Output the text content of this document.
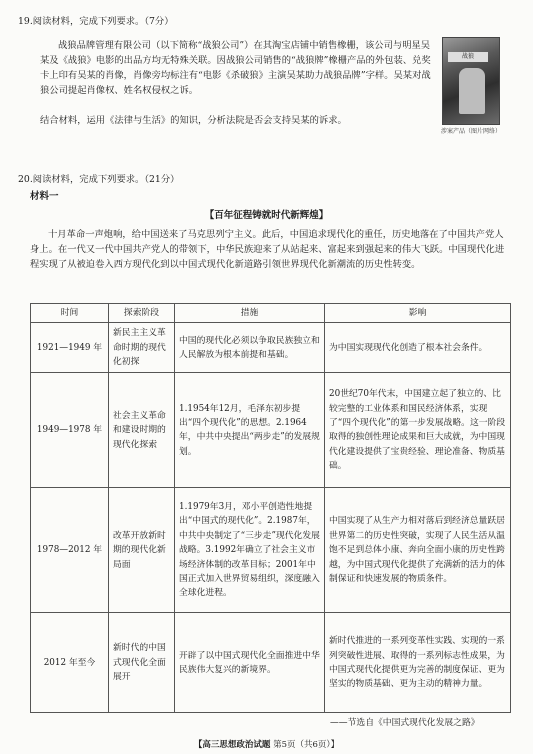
19.阅读材料，完成下列要求。（7分）

战狼品牌管理有限公司（以下简称“战狼公司”）在其淘宝店铺中销售橡栅，该公司与明星吴某及《战狼》电影的出品方均无特殊关联。因战狼公司销售的“战狼牌”橡栅产品的外包装、兑奖卡上印有吴某的肖像，肖像旁均标注有“电影《杀破狼》主演吴某助力战狼品牌”字样。吴某对战狼公司提起肖像权、姓名权侵权之诉。

结合材料，运用《法律与生活》的知识，分析法院是否会支持吴某的诉求。
战狼
涉案产品（图片网络）
20.阅读材料，完成下列要求。（21分）
材料一
【百年征程铸就时代新辉煌】

十月革命一声炮响，给中国送来了马克思列宁主义。此后，中国追求现代化的重任，历史地落在了中国共产党人身上。在一代又一代中国共产党人的带领下，中华民族迎来了从站起来、富起来到强起来的伟大飞跃。中国现代化进程实现了从被迫卷入西方现代化到以中国式现代化新道路引领世界现代化新潮流的历史性转变。

时间	探索阶段	措施	影响
1921—1949 年	新民主主义革命时期的现代化初探	中国的现代化必须以争取民族独立和人民解放为根本前提和基础。	为中国实现现代化创造了根本社会条件。
1949—1978 年	社会主义革命和建设时期的现代化探索	1.1954年12月，毛泽东初步提出“四个现代化”的思想。2.1964年，中共中央提出“两步走”的发展规划。	20世纪70年代末，中国建立起了独立的、比较完整的工业体系和国民经济体系，实现了“四个现代化”的第一步发展战略。这一阶段取得的独创性理论成果和巨大成就，为中国现代化建设提供了宝贵经验、理论准备、物质基础。
1978—2012 年	改革开放新时期的现代化新局面	1.1979年3月，邓小平创造性地提出“中国式的现代化”。2.1987年，中共中央制定了“三步走”现代化发展战略。3.1992年确立了社会主义市场经济体制的改革目标；2001年中国正式加入世界贸易组织，深度融入全球化进程。	中国实现了从生产力相对落后到经济总量跃居世界第二的历史性突破，实现了人民生活从温饱不足到总体小康、奔向全面小康的历史性跨越，为中国式现代化提供了充满新的活力的体制保证和快速发展的物质条件。
2012 年至今	新时代的中国式现代化全面展开	开辟了以中国式现代化全面推进中华民族伟大复兴的新境界。	新时代推进的一系列变革性实践、实现的一系列突破性进展、取得的一系列标志性成果，为中国式现代化提供更为完善的制度保证、更为坚实的物质基础、更为主动的精神力量。
——节选自《中国式现代化发展之路》
【高三思想政治试题 第5页（共6页）】
